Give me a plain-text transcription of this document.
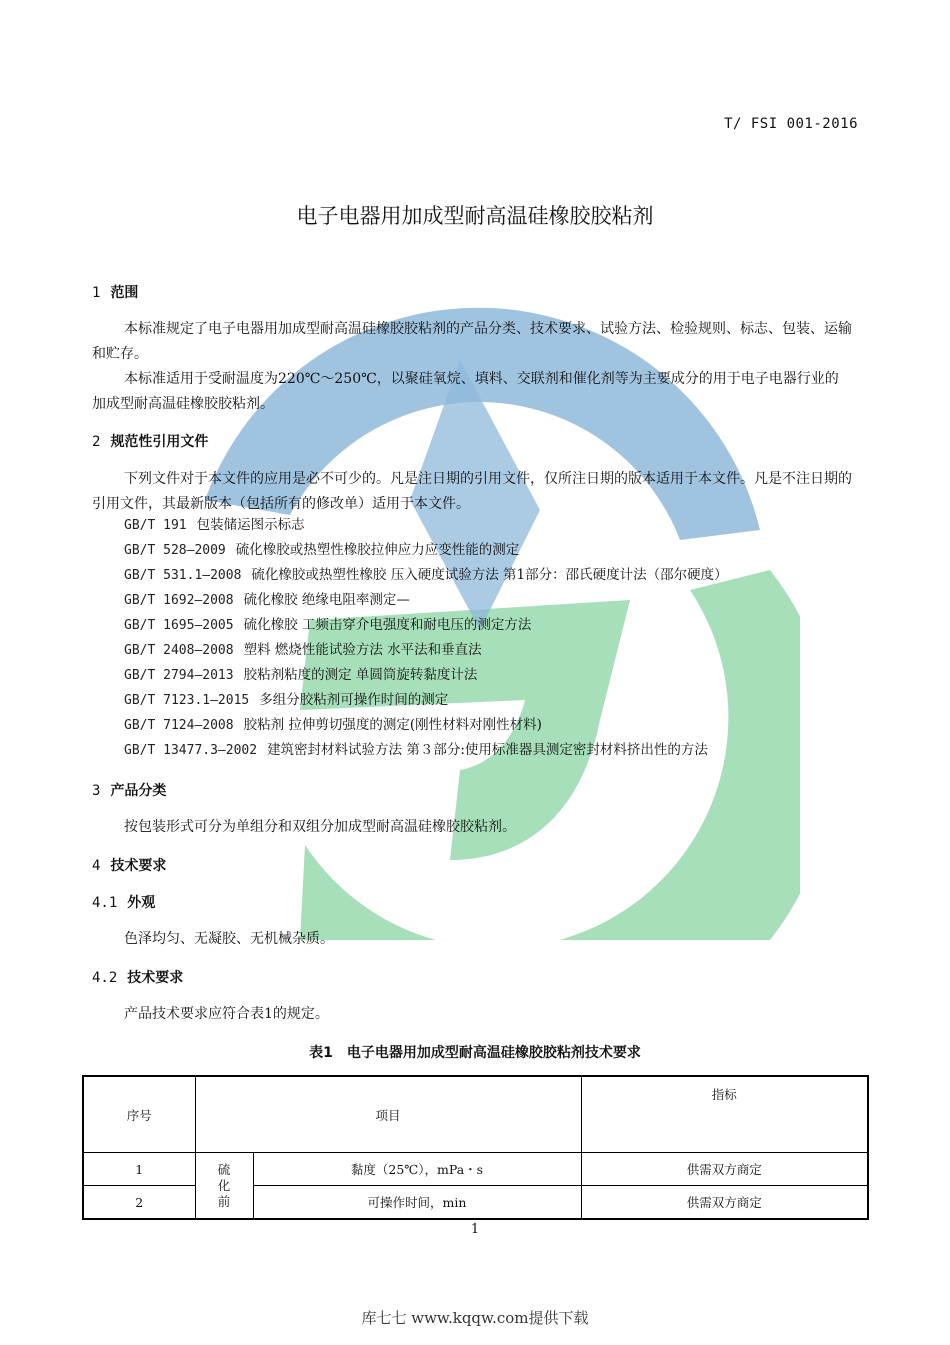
T/ FSI 001-2016
电子电器用加成型耐高温硅橡胶胶粘剂
1 范围
本标准规定了电子电器用加成型耐高温硅橡胶胶粘剂的产品分类、技术要求、试验方法、检验规则、标志、包装、运输和贮存。
本标准适用于受耐温度为220℃～250℃，以聚硅氧烷、填料、交联剂和催化剂等为主要成分的用于电子电器行业的加成型耐高温硅橡胶胶粘剂。
2 规范性引用文件
下列文件对于本文件的应用是必不可少的。凡是注日期的引用文件，仅所注日期的版本适用于本文件。凡是不注日期的引用文件，其最新版本（包括所有的修改单）适用于本文件。
GB/T 191 包装储运图示标志
GB/T 528—2009 硫化橡胶或热塑性橡胶拉伸应力应变性能的测定
GB/T 531.1—2008 硫化橡胶或热塑性橡胶 压入硬度试验方法 第1部分：邵氏硬度计法（邵尔硬度）
GB/T 1692—2008 硫化橡胶 绝缘电阻率测定—
GB/T 1695—2005 硫化橡胶 工频击穿介电强度和耐电压的测定方法
GB/T 2408—2008 塑料 燃烧性能试验方法 水平法和垂直法
GB/T 2794—2013 胶粘剂粘度的测定 单圆筒旋转黏度计法
GB/T 7123.1—2015 多组分胶粘剂可操作时间的测定
GB/T 7124—2008 胶粘剂 拉伸剪切强度的测定(刚性材料对刚性材料)
GB/T 13477.3—2002 建筑密封材料试验方法 第３部分:使用标准器具测定密封材料挤出性的方法
3 产品分类
按包装形式可分为单组分和双组分加成型耐高温硅橡胶胶粘剂。
4 技术要求
4.1 外观
色泽均匀、无凝胶、无机械杂质。
4.2 技术要求
产品技术要求应符合表1的规定。
表1　电子电器用加成型耐高温硅橡胶胶粘剂技术要求
序号	项目		指标
1	硫化前	黏度（25℃），mPa・s	供需双方商定
2		可操作时间，min	供需双方商定
1
库七七 www.kqqw.com提供下载
